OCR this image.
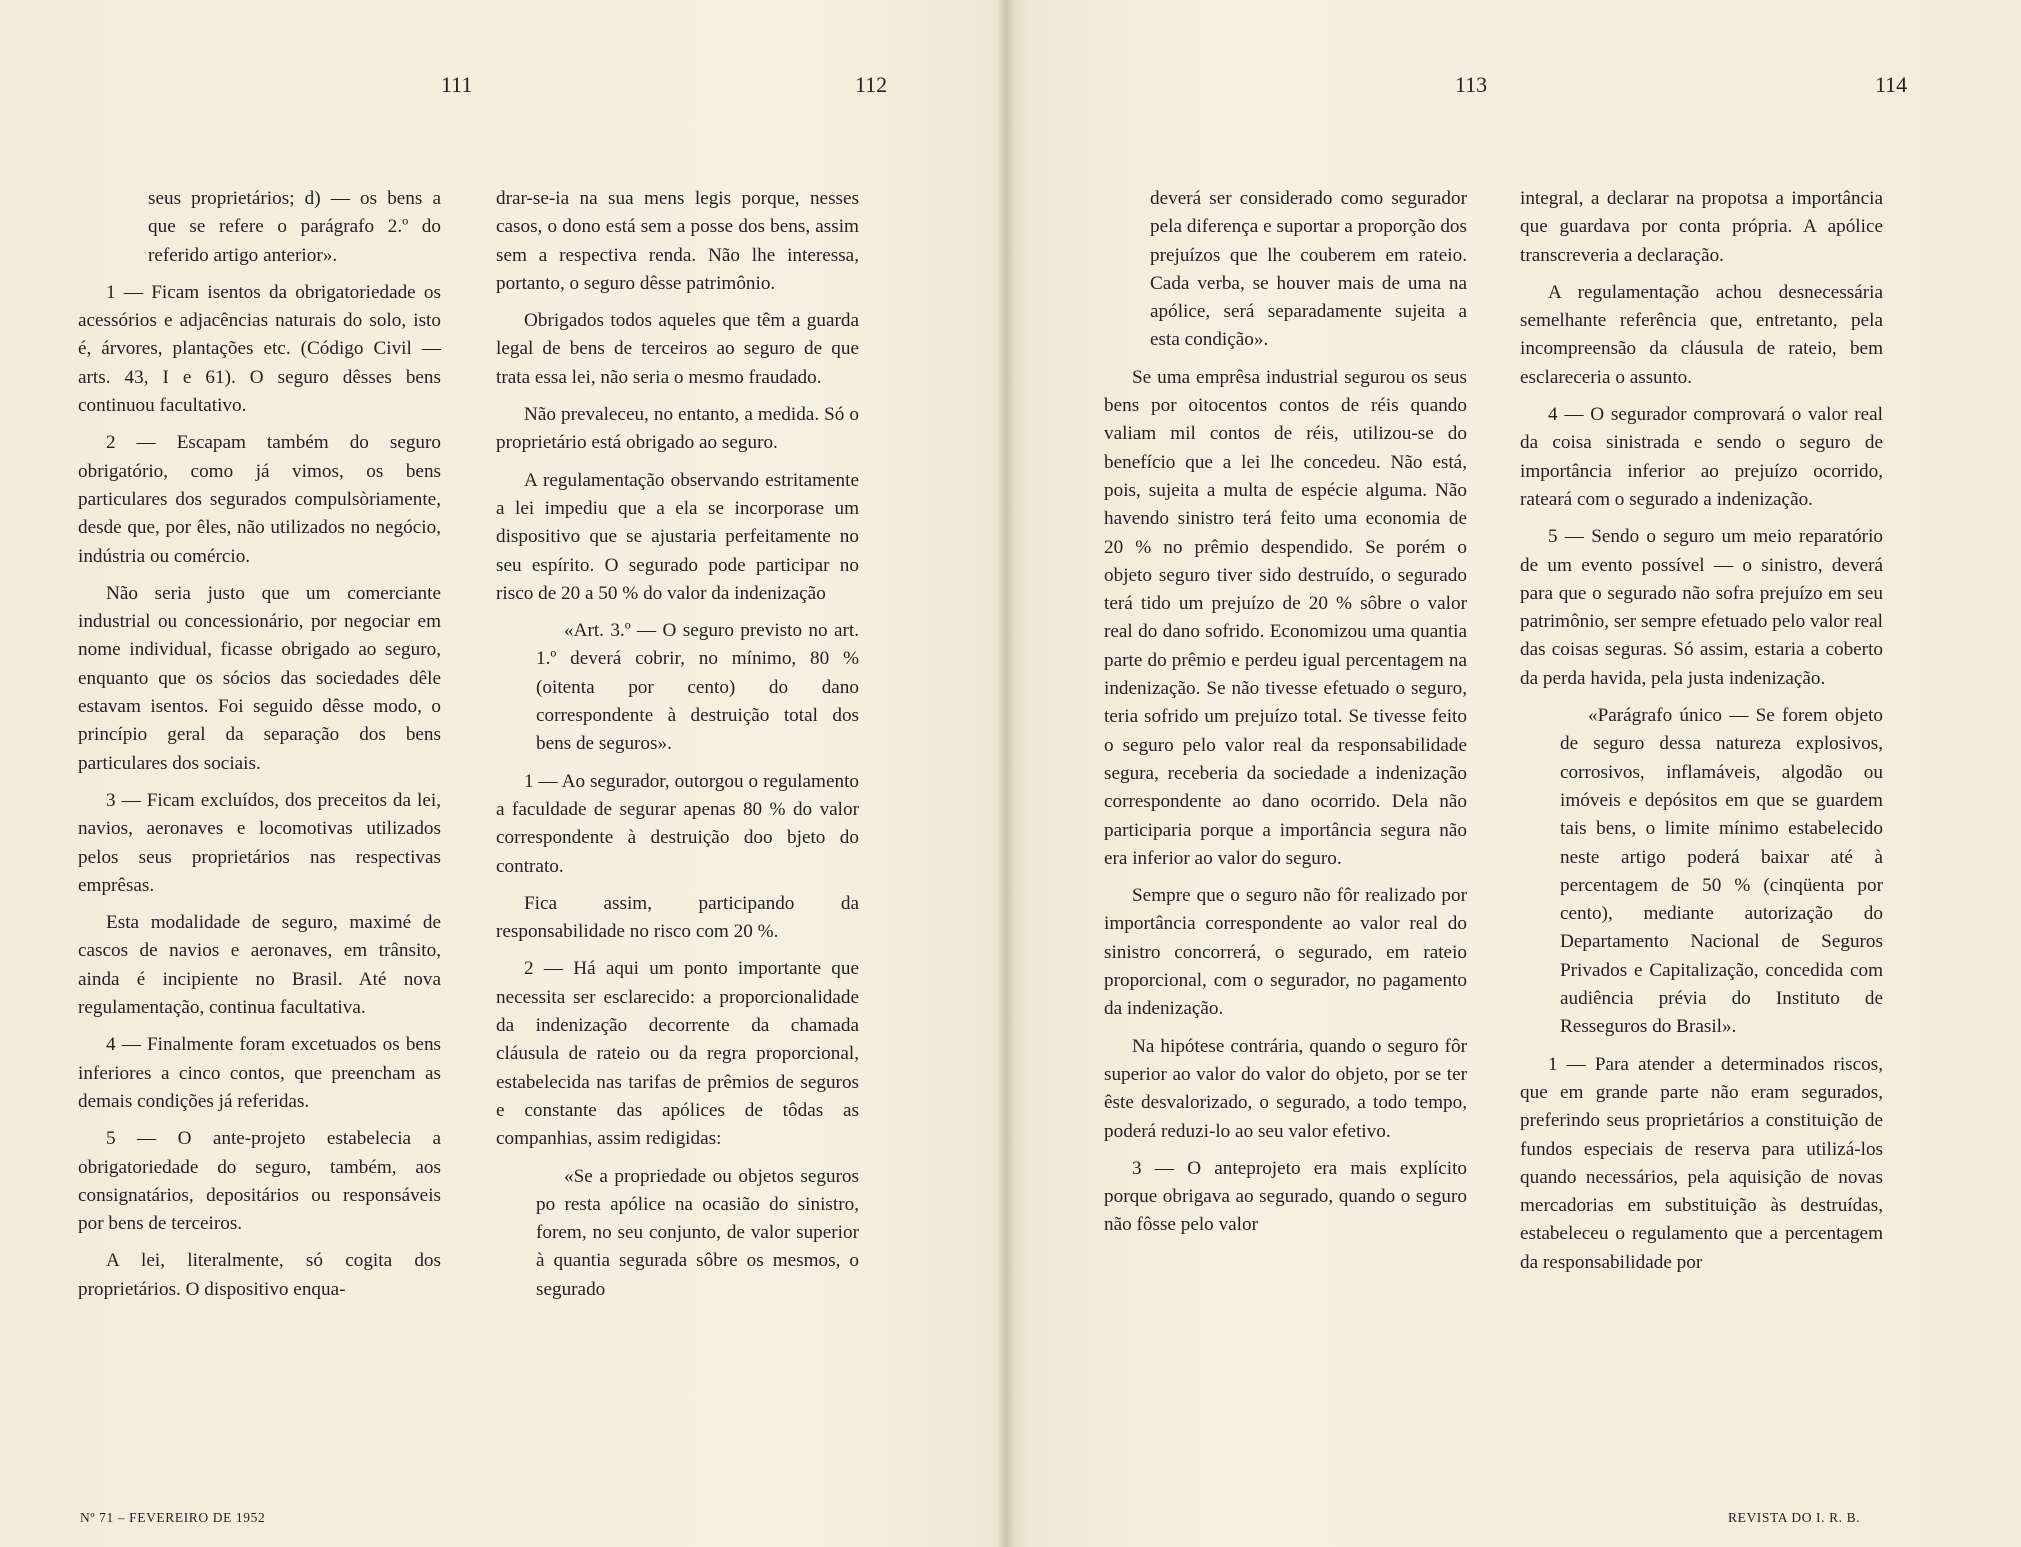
111	112	113	114

seus proprietários; d) — os bens a que se refere o parágrafo 2.º do referido artigo anterior».

1 — Ficam isentos da obrigatoriedade os acessórios e adjacências naturais do solo, isto é, árvores, plantações etc. (Código Civil — arts. 43, I e 61). O seguro dêsses bens continuou facultativo.

2 — Escapam também do seguro obrigatório, como já vimos, os bens particulares dos segurados compulsòriamente, desde que, por êles, não utilizados no negócio, indústria ou comércio.

Não seria justo que um comerciante industrial ou concessionário, por negociar em nome individual, ficasse obrigado ao seguro, enquanto que os sócios das sociedades dêle estavam isentos. Foi seguido dêsse modo, o princípio geral da separação dos bens particulares dos sociais.

3 — Ficam excluídos, dos preceitos da lei, navios, aeronaves e locomotivas utilizados pelos seus proprietários nas respectivas emprêsas.

Esta modalidade de seguro, maximé de cascos de navios e aeronaves, em trânsito, ainda é incipiente no Brasil. Até nova regulamentação, continua facultativa.

4 — Finalmente foram excetuados os bens inferiores a cinco contos, que preencham as demais condições já referidas.

5 — O ante-projeto estabelecia a obrigatoriedade do seguro, também, aos consignatários, depositários ou responsáveis por bens de terceiros.

A lei, literalmente, só cogita dos proprietários. O dispositivo enqua-

drar-se-ia na sua mens legis porque, nesses casos, o dono está sem a posse dos bens, assim sem a respectiva renda. Não lhe interessa, portanto, o seguro dêsse patrimônio.

Obrigados todos aqueles que têm a guarda legal de bens de terceiros ao seguro de que trata essa lei, não seria o mesmo fraudado.

Não prevaleceu, no entanto, a medida. Só o proprietário está obrigado ao seguro.

A regulamentação observando estritamente a lei impediu que a ela se incorporase um dispositivo que se ajustaria perfeitamente no seu espírito. O segurado pode participar no risco de 20 a 50 % do valor da indenização

«Art. 3.º — O seguro previsto no art. 1.º deverá cobrir, no mínimo, 80 % (oitenta por cento) do dano correspondente à destruição total dos bens de seguros».

1 — Ao segurador, outorgou o regulamento a faculdade de segurar apenas 80 % do valor correspondente à destruição doo bjeto do contrato.

Fica assim, participando da responsabilidade no risco com 20 %.

2 — Há aqui um ponto importante que necessita ser esclarecido: a proporcionalidade da indenização decorrente da chamada cláusula de rateio ou da regra proporcional, estabelecida nas tarifas de prêmios de seguros e constante das apólices de tôdas as companhias, assim redigidas:

«Se a propriedade ou objetos seguros po resta apólice na ocasião do sinistro, forem, no seu conjunto, de valor superior à quantia segurada sôbre os mesmos, o segurado

deverá ser considerado como segurador pela diferença e suportar a proporção dos prejuízos que lhe couberem em rateio. Cada verba, se houver mais de uma na apólice, será separadamente sujeita a esta condição».

Se uma emprêsa industrial segurou os seus bens por oitocentos contos de réis quando valiam mil contos de réis, utilizou-se do benefício que a lei lhe concedeu. Não está, pois, sujeita a multa de espécie alguma. Não havendo sinistro terá feito uma economia de 20 % no prêmio despendido. Se porém o objeto seguro tiver sido destruído, o segurado terá tido um prejuízo de 20 % sôbre o valor real do dano sofrido. Economizou uma quantia parte do prêmio e perdeu igual percentagem na indenização. Se não tivesse efetuado o seguro, teria sofrido um prejuízo total. Se tivesse feito o seguro pelo valor real da responsabilidade segura, receberia da sociedade a indenização correspondente ao dano ocorrido. Dela não participaria porque a importância segura não era inferior ao valor do seguro.

Sempre que o seguro não fôr realizado por importância correspondente ao valor real do sinistro concorrerá, o segurado, em rateio proporcional, com o segurador, no pagamento da indenização.

Na hipótese contrária, quando o seguro fôr superior ao valor do valor do objeto, por se ter êste desvalorizado, o segurado, a todo tempo, poderá reduzi-lo ao seu valor efetivo.

3 — O anteprojeto era mais explícito porque obrigava ao segurado, quando o seguro não fôsse pelo valor

integral, a declarar na propotsa a importância que guardava por conta própria. A apólice transcreveria a declaração.

A regulamentação achou desnecessária semelhante referência que, entretanto, pela incompreensão da cláusula de rateio, bem esclareceria o assunto.

4 — O segurador comprovará o valor real da coisa sinistrada e sendo o seguro de importância inferior ao prejuízo ocorrido, rateará com o segurado a indenização.

5 — Sendo o seguro um meio reparatório de um evento possível — o sinistro, deverá para que o segurado não sofra prejuízo em seu patrimônio, ser sempre efetuado pelo valor real das coisas seguras. Só assim, estaria a coberto da perda havida, pela justa indenização.

«Parágrafo único — Se forem objeto de seguro dessa natureza explosivos, corrosivos, inflamáveis, algodão ou imóveis e depósitos em que se guardem tais bens, o limite mínimo estabelecido neste artigo poderá baixar até à percentagem de 50 % (cinqüenta por cento), mediante autorização do Departamento Nacional de Seguros Privados e Capitalização, concedida com audiência prévia do Instituto de Resseguros do Brasil».

1 — Para atender a determinados riscos, que em grande parte não eram segurados, preferindo seus proprietários a constituição de fundos especiais de reserva para utilizá-los quando necessários, pela aquisição de novas mercadorias em substituição às destruídas, estabeleceu o regulamento que a percentagem da responsabilidade por

Nº 71 – FEVEREIRO DE 1952	REVISTA DO I. R. B.
